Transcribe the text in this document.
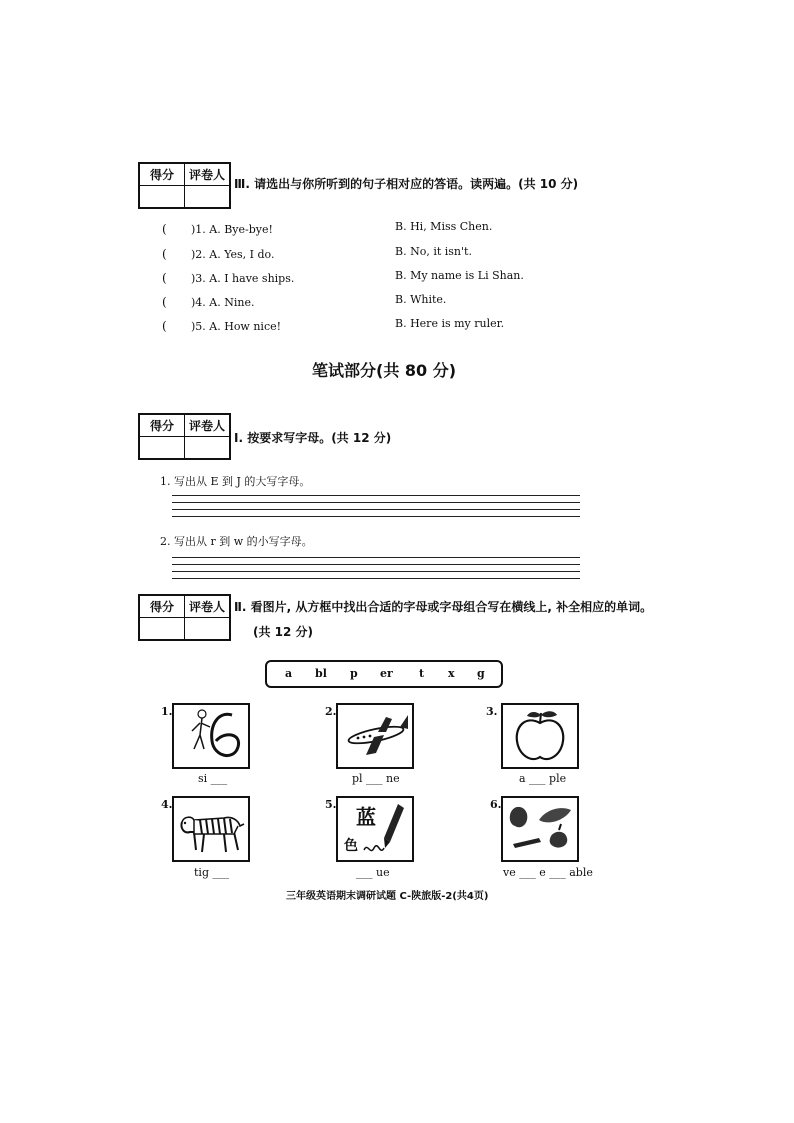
得分	评卷人

Ⅲ. 请选出与你所听到的句子相对应的答语。读两遍。(共 10 分)
( )1. A. Bye-bye!	B. Hi, Miss Chen.
( )2. A. Yes, I do.	B. No, it isn't.
( )3. A. I have ships.	B. My name is Li Shan.
( )4. A. Nine.	B. White.
( )5. A. How nice!	B. Here is my ruler.
笔试部分(共 80 分)
得分	评卷人

Ⅰ. 按要求写字母。(共 12 分)
1. 写出从 E 到 J 的大写字母。
2. 写出从 r 到 w 的小写字母。
得分	评卷人
	Ⅱ. 看图片, 从方框中找出合适的字母或字母组合写在横线上, 补全相应的单词。
(共 12 分)
a bl p er t x g
1.
si ___
2.
pl ___ ne
3.
a ___ ple
4.
tig ___
5.
蓝
色
___ ue
6.
ve ___ e ___ able
三年级英语期末调研试题 C-陕旅版-2(共4页)
